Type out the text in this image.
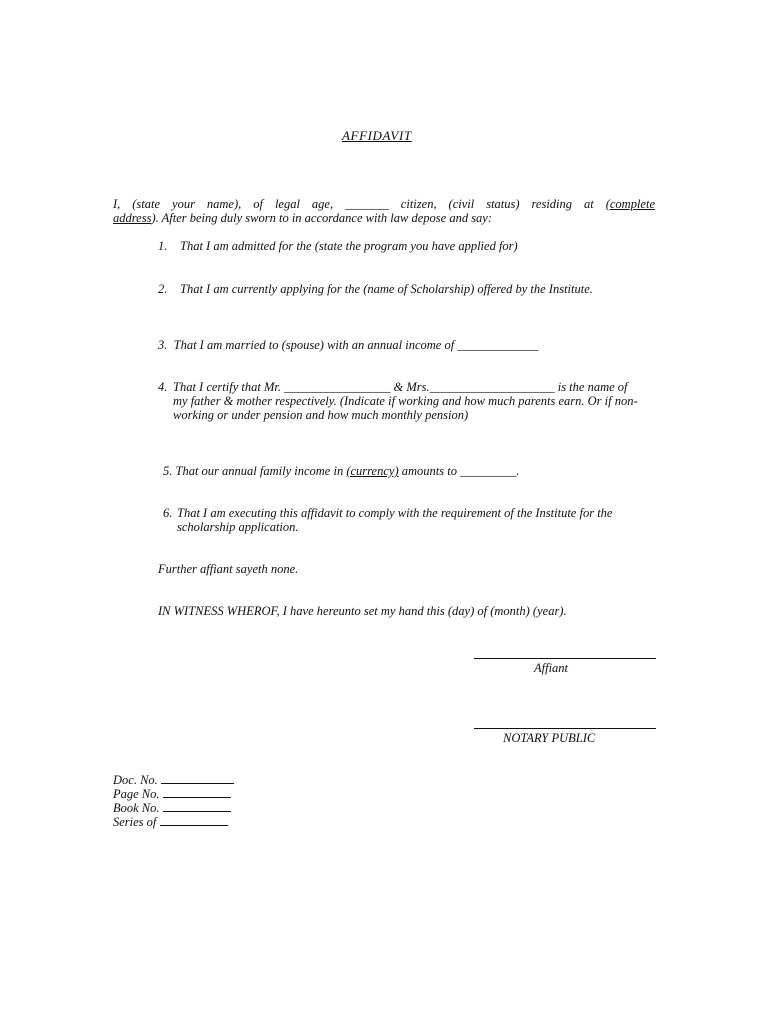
AFFIDAVIT
I, (state your name), of legal age, _______ citizen, (civil status) residing at (complete
address). After being duly sworn to in accordance with law depose and say:
1. That I am admitted for the (state the program you have applied for)
2. That I am currently applying for the (name of Scholarship) offered by the Institute.
3. That I am married to (spouse) with an annual income of _____________
4. That I certify that Mr. _________________ & Mrs.____________________ is the name of my father & mother respectively. (Indicate if working and how much parents earn. Or if non-working or under pension and how much monthly pension)
5. That our annual family income in (currency) amounts to _________.
6. That I am executing this affidavit to comply with the requirement of the Institute for the scholarship application.
Further affiant sayeth none.
IN WITNESS WHEROF, I have hereunto set my hand this (day) of (month) (year).
Affiant
NOTARY PUBLIC
Doc. No.
Page No.
Book No.
Series of
